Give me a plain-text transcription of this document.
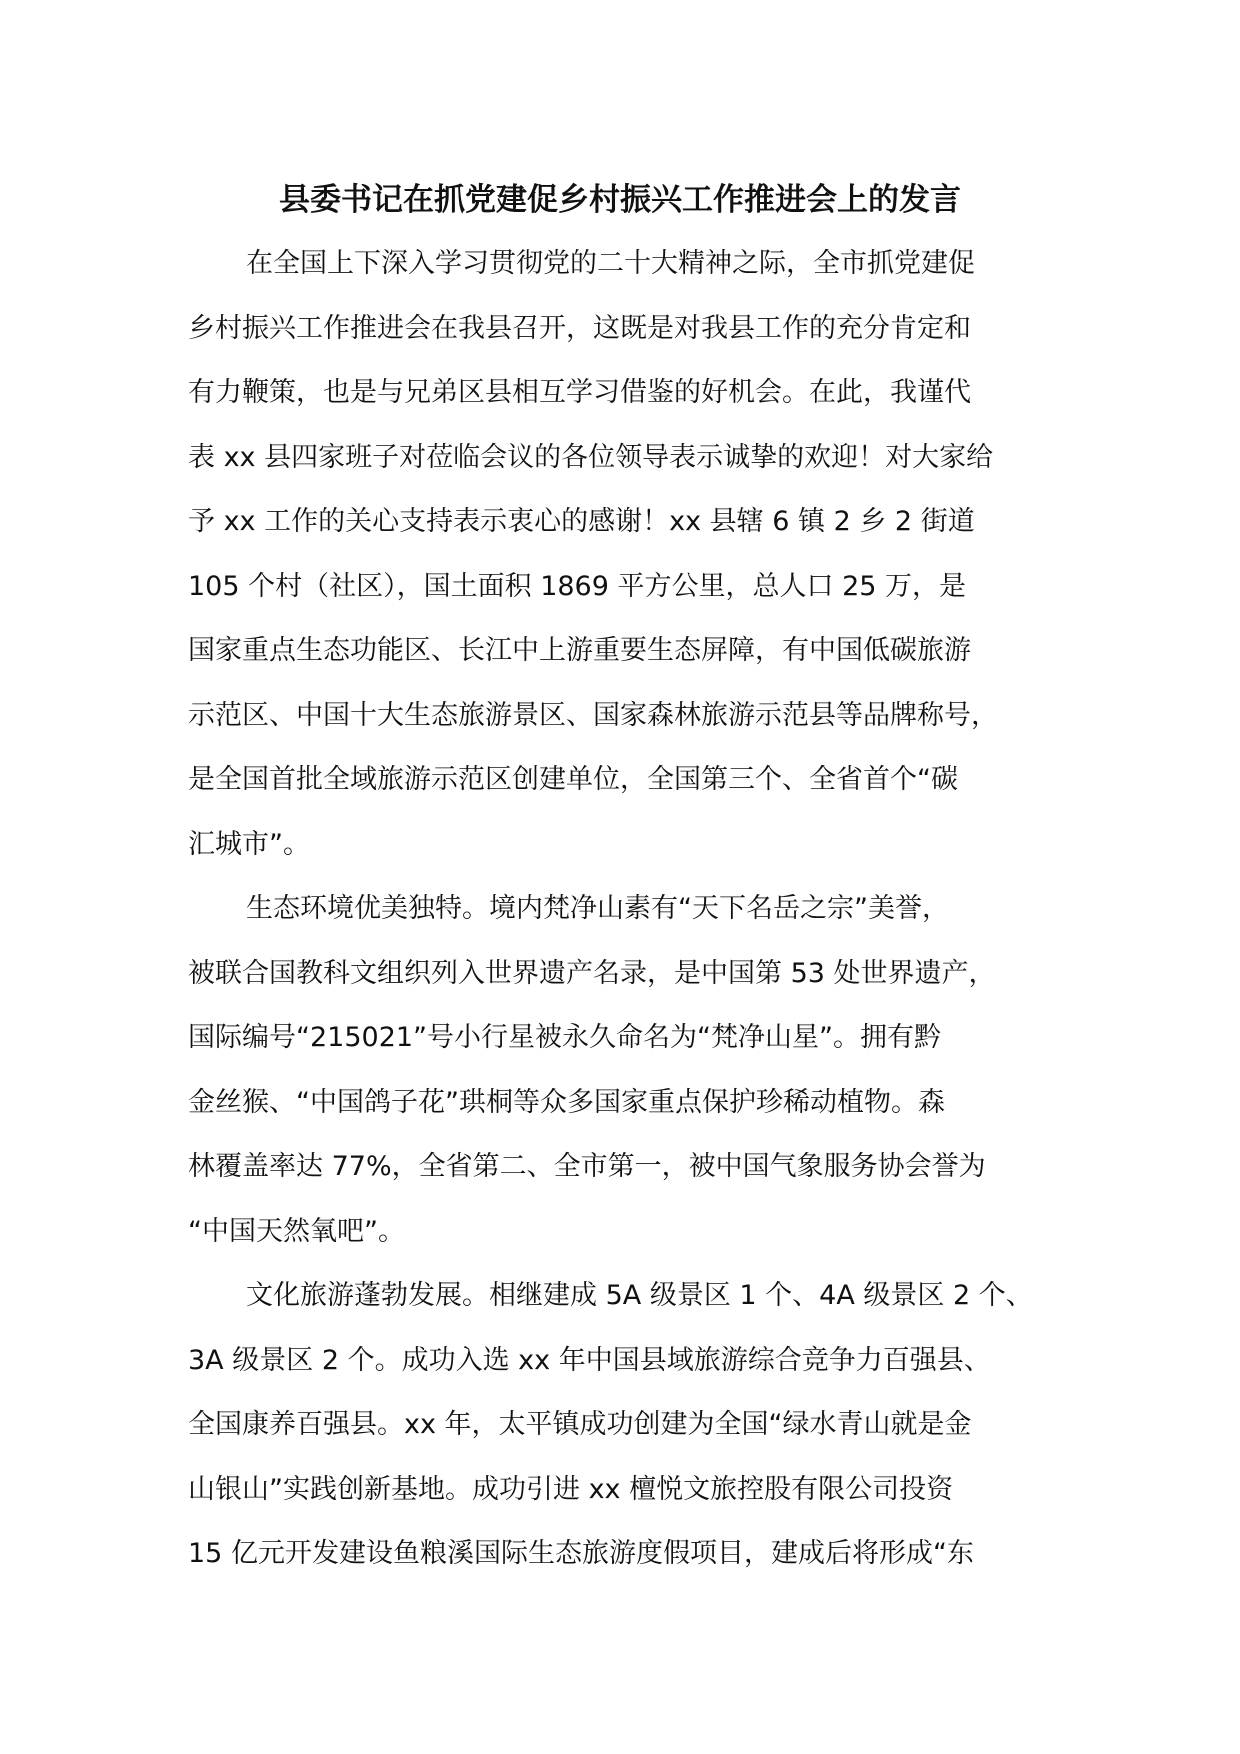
县委书记在抓党建促乡村振兴工作推进会上的发言
在全国上下深入学习贯彻党的二十大精神之际，全市抓党建促
乡村振兴工作推进会在我县召开，这既是对我县工作的充分肯定和
有力鞭策，也是与兄弟区县相互学习借鉴的好机会。在此，我谨代
表 xx 县四家班子对莅临会议的各位领导表示诚挚的欢迎！对大家给
予 xx 工作的关心支持表示衷心的感谢！xx 县辖 6 镇 2 乡 2 街道
105 个村（社区），国土面积 1869 平方公里，总人口 25 万，是
国家重点生态功能区、长江中上游重要生态屏障，有中国低碳旅游
示范区、中国十大生态旅游景区、国家森林旅游示范县等品牌称号，
是全国首批全域旅游示范区创建单位，全国第三个、全省首个“碳
汇城市”。
生态环境优美独特。境内梵净山素有“天下名岳之宗”美誉，
被联合国教科文组织列入世界遗产名录，是中国第 53 处世界遗产，
国际编号“215021”号小行星被永久命名为“梵净山星”。拥有黔
金丝猴、“中国鸽子花”珙桐等众多国家重点保护珍稀动植物。森
林覆盖率达 77%，全省第二、全市第一，被中国气象服务协会誉为
“中国天然氧吧”。
文化旅游蓬勃发展。相继建成 5A 级景区 1 个、4A 级景区 2 个、
3A 级景区 2 个。成功入选 xx 年中国县域旅游综合竞争力百强县、
全国康养百强县。xx 年，太平镇成功创建为全国“绿水青山就是金
山银山”实践创新基地。成功引进 xx 檀悦文旅控股有限公司投资
15 亿元开发建设鱼粮溪国际生态旅游度假项目，建成后将形成“东
